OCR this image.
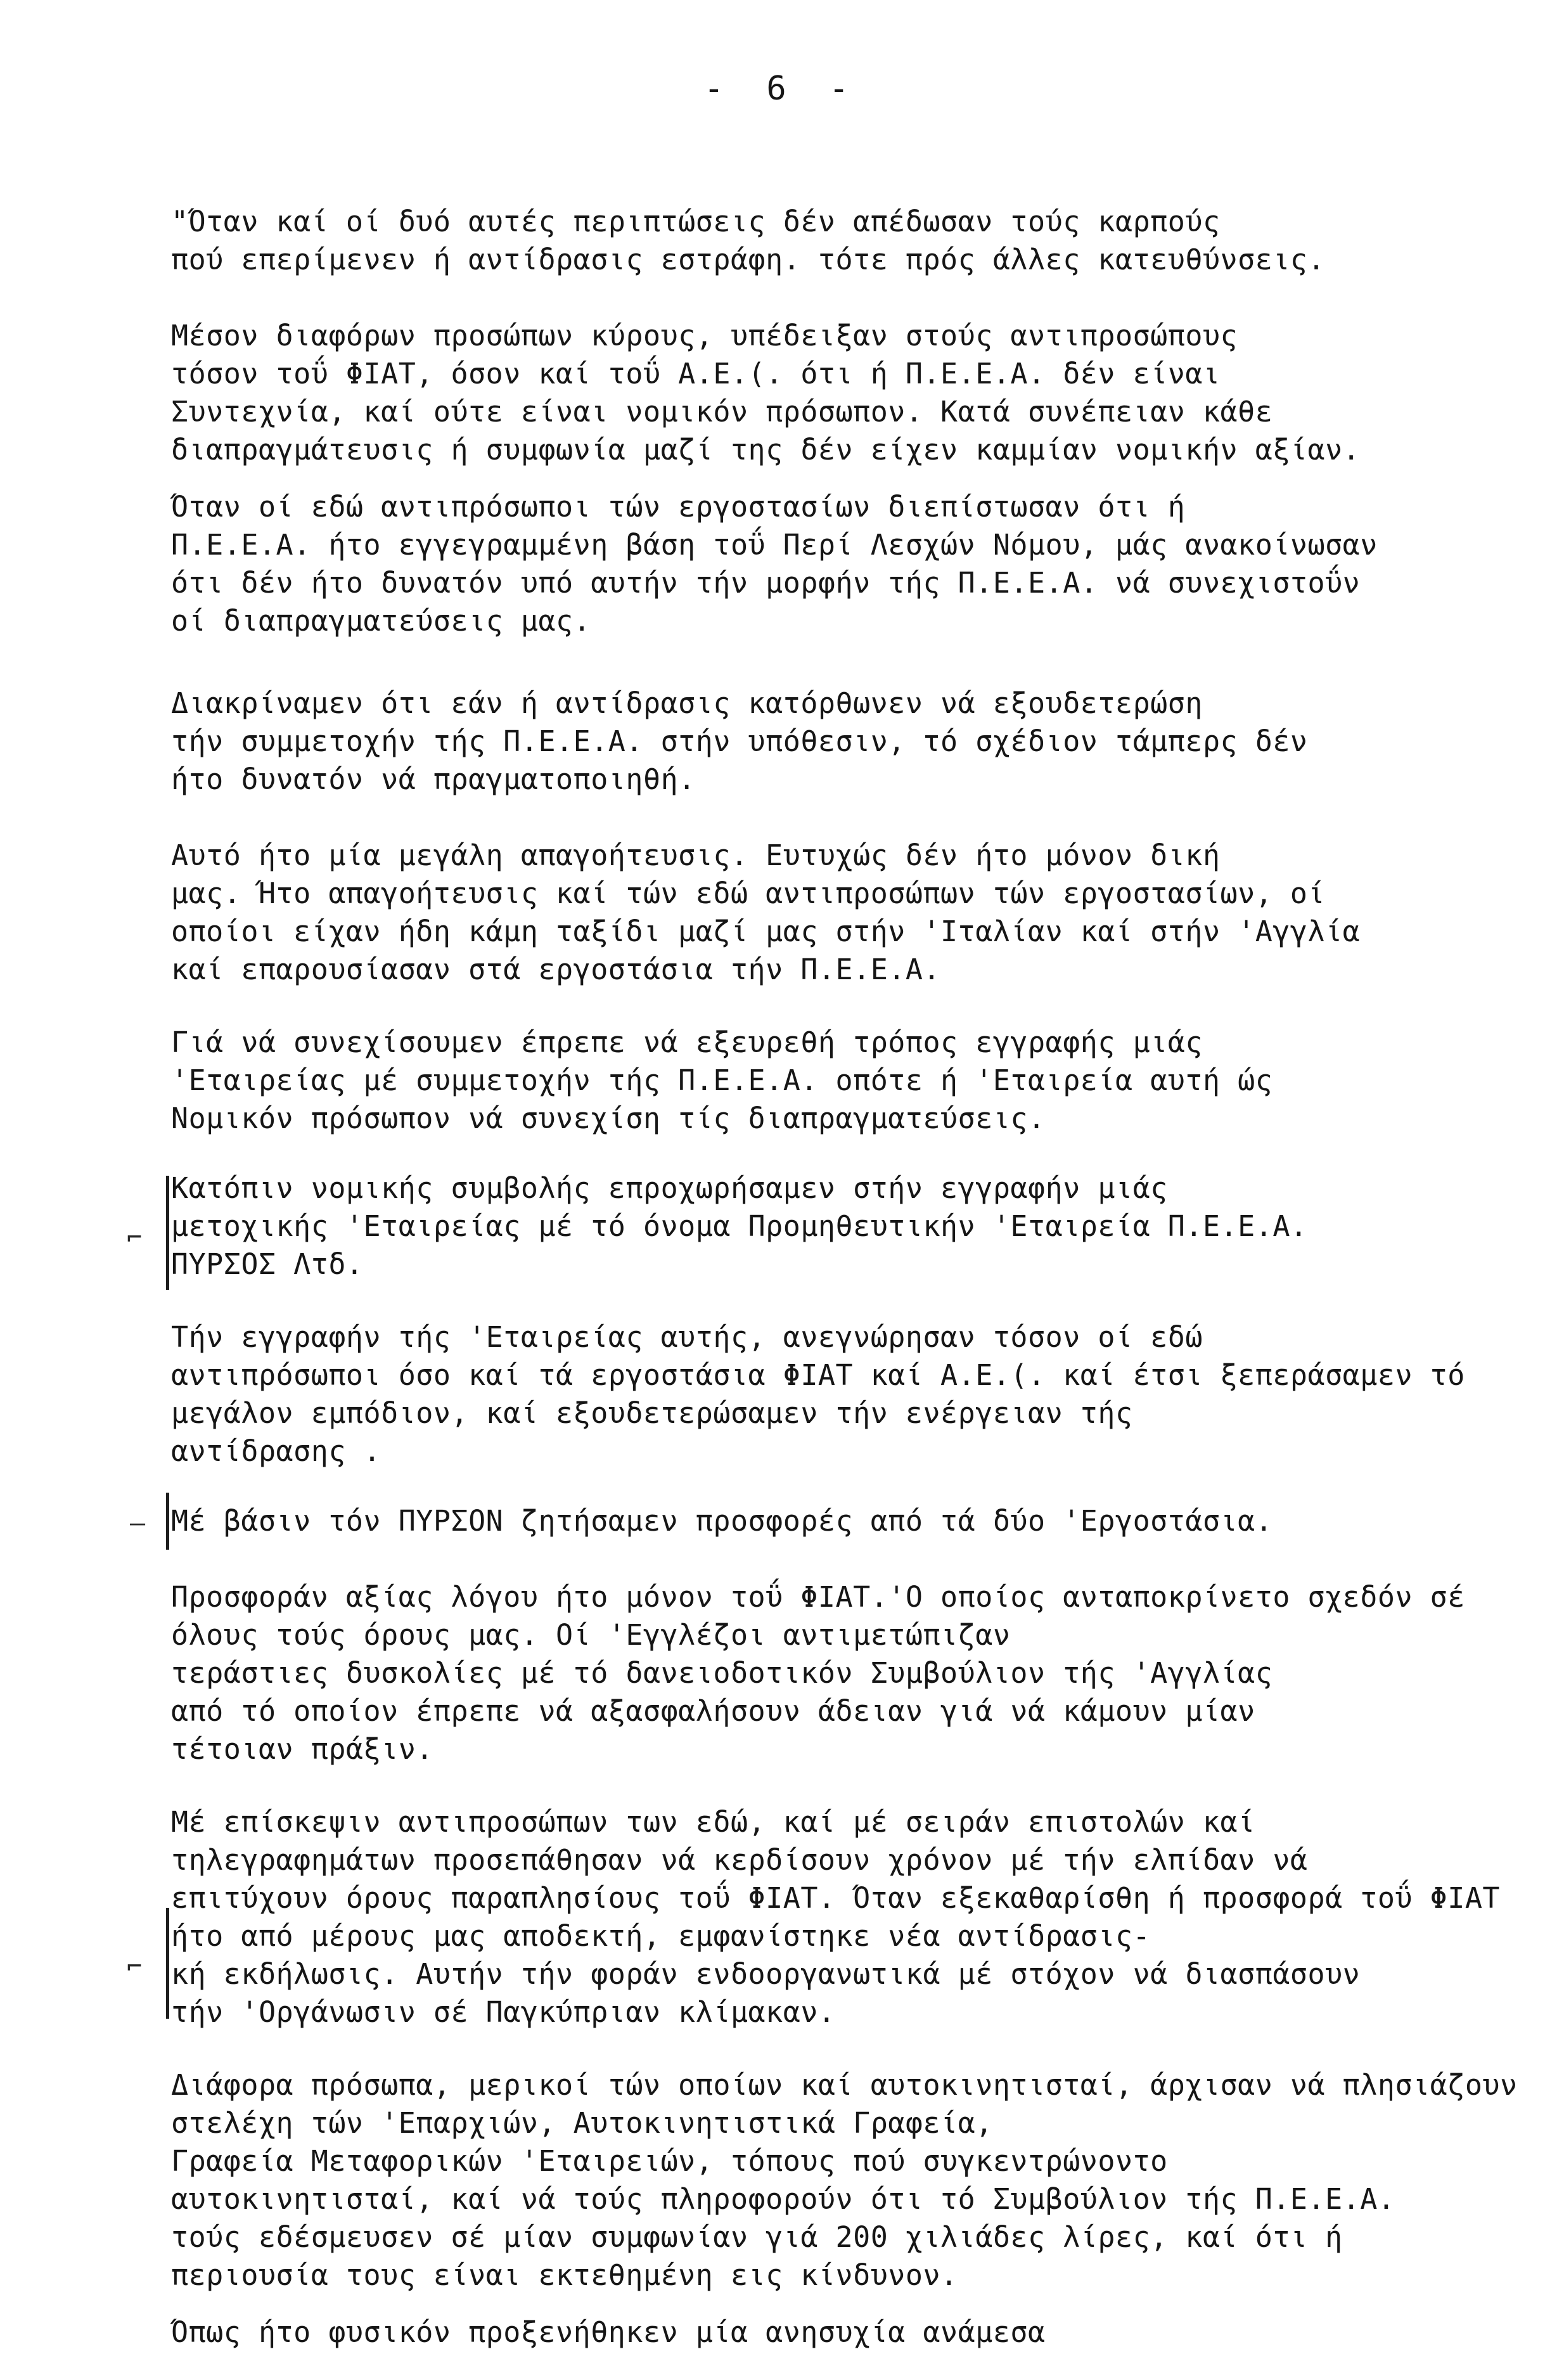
- 6 -
"Όταν καί οί δυό αυτές περιπτώσεις δέν απέδωσαν τούς καρπούς
πού επερίμενεν ή αντίδρασις εστράφη. τότε πρός άλλες κατευθύνσεις.
Μέσον διαφόρων προσώπων κύρους, υπέδειξαν στούς αντιπροσώπους
τόσον τοΰ ΦΙΑΤ, όσον καί τοΰ Α.Ε.(. ότι ή Π.Ε.Ε.Α. δέν είναι
Συντεχνία, καί ούτε είναι νομικόν πρόσωπον. Κατά συνέπειαν κάθε
διαπραγμάτευσις ή συμφωνία μαζί της δέν είχεν καμμίαν νομικήν αξίαν.
Όταν οί εδώ αντιπρόσωποι τών εργοστασίων διεπίστωσαν ότι ή
Π.Ε.Ε.Α. ήτο εγγεγραμμένη βάση τοΰ Περί Λεσχών Νόμου, μάς ανακοίνωσαν
ότι δέν ήτο δυνατόν υπό αυτήν τήν μορφήν τής Π.Ε.Ε.Α. νά συνεχιστοΰν
οί διαπραγματεύσεις μας.
Διακρίναμεν ότι εάν ή αντίδρασις κατόρθωνεν νά εξουδετερώση
τήν συμμετοχήν τής Π.Ε.Ε.Α. στήν υπόθεσιν, τό σχέδιον τάμπερς δέν
ήτο δυνατόν νά πραγματοποιηθή.
Αυτό ήτο μία μεγάλη απαγοήτευσις. Ευτυχώς δέν ήτο μόνον δική
μας. Ήτο απαγοήτευσις καί τών εδώ αντιπροσώπων τών εργοστασίων, οί
οποίοι είχαν ήδη κάμη ταξίδι μαζί μας στήν 'Ιταλίαν καί στήν 'Αγγλία
καί επαρουσίασαν στά εργοστάσια τήν Π.Ε.Ε.Α.
Γιά νά συνεχίσουμεν έπρεπε νά εξευρεθή τρόπος εγγραφής μιάς
'Εταιρείας μέ συμμετοχήν τής Π.Ε.Ε.Α. οπότε ή 'Εταιρεία αυτή ώς
Νομικόν πρόσωπον νά συνεχίση τίς διαπραγματεύσεις.
Κατόπιν νομικής συμβολής επροχωρήσαμεν στήν εγγραφήν μιάς
μετοχικής 'Εταιρείας μέ τό όνομα Προμηθευτικήν 'Εταιρεία Π.Ε.Ε.Α.
ΠΥΡΣΟΣ Λτδ.
Τήν εγγραφήν τής 'Εταιρείας αυτής, ανεγνώρησαν τόσον οί εδώ
αντιπρόσωποι όσο καί τά εργοστάσια ΦΙΑΤ καί Α.Ε.(. καί έτσι ξεπεράσαμεν τό μεγάλον εμπόδιον, καί εξουδετερώσαμεν τήν ενέργειαν τής
αντίδρασης .
Μέ βάσιν τόν ΠΥΡΣΟΝ ζητήσαμεν προσφορές από τά δύο 'Εργοστάσια.
Προσφοράν αξίας λόγου ήτο μόνον τοΰ ΦΙΑΤ.'Ο οποίος ανταποκρίνετο σχεδόν σέ όλους τούς όρους μας. Οί 'Εγγλέζοι αντιμετώπιζαν
τεράστιες δυσκολίες μέ τό δανειοδοτικόν Συμβούλιον τής 'Αγγλίας
από τό οποίον έπρεπε νά αξασφαλήσουν άδειαν γιά νά κάμουν μίαν
τέτοιαν πράξιν.
Μέ επίσκεψιν αντιπροσώπων των εδώ, καί μέ σειράν επιστολών καί
τηλεγραφημάτων προσεπάθησαν νά κερδίσουν χρόνον μέ τήν ελπίδαν νά
επιτύχουν όρους παραπλησίους τοΰ ΦΙΑΤ. Όταν εξεκαθαρίσθη ή προσφορά τοΰ ΦΙΑΤ ήτο από μέρους μας αποδεκτή, εμφανίστηκε νέα αντίδρασις-
κή εκδήλωσις. Αυτήν τήν φοράν ενδοοργανωτικά μέ στόχον νά διασπάσουν
τήν 'Οργάνωσιν σέ Παγκύπριαν κλίμακαν.
Διάφορα πρόσωπα, μερικοί τών οποίων καί αυτοκινητισταί, άρχισαν νά πλησιάζουν στελέχη τών 'Επαρχιών, Αυτοκινητιστικά Γραφεία,
Γραφεία Μεταφορικών 'Εταιρειών, τόπους πού συγκεντρώνοντο
αυτοκινητισταί, καί νά τούς πληροφορούν ότι τό Συμβούλιον τής Π.Ε.Ε.Α.
τούς εδέσμευσεν σέ μίαν συμφωνίαν γιά 200 χιλιάδες λίρες, καί ότι ή
περιουσία τους είναι εκτεθημένη εις κίνδυνον.
Όπως ήτο φυσικόν προξενήθηκεν μία ανησυχία ανάμεσα
⌐
–
⌐
